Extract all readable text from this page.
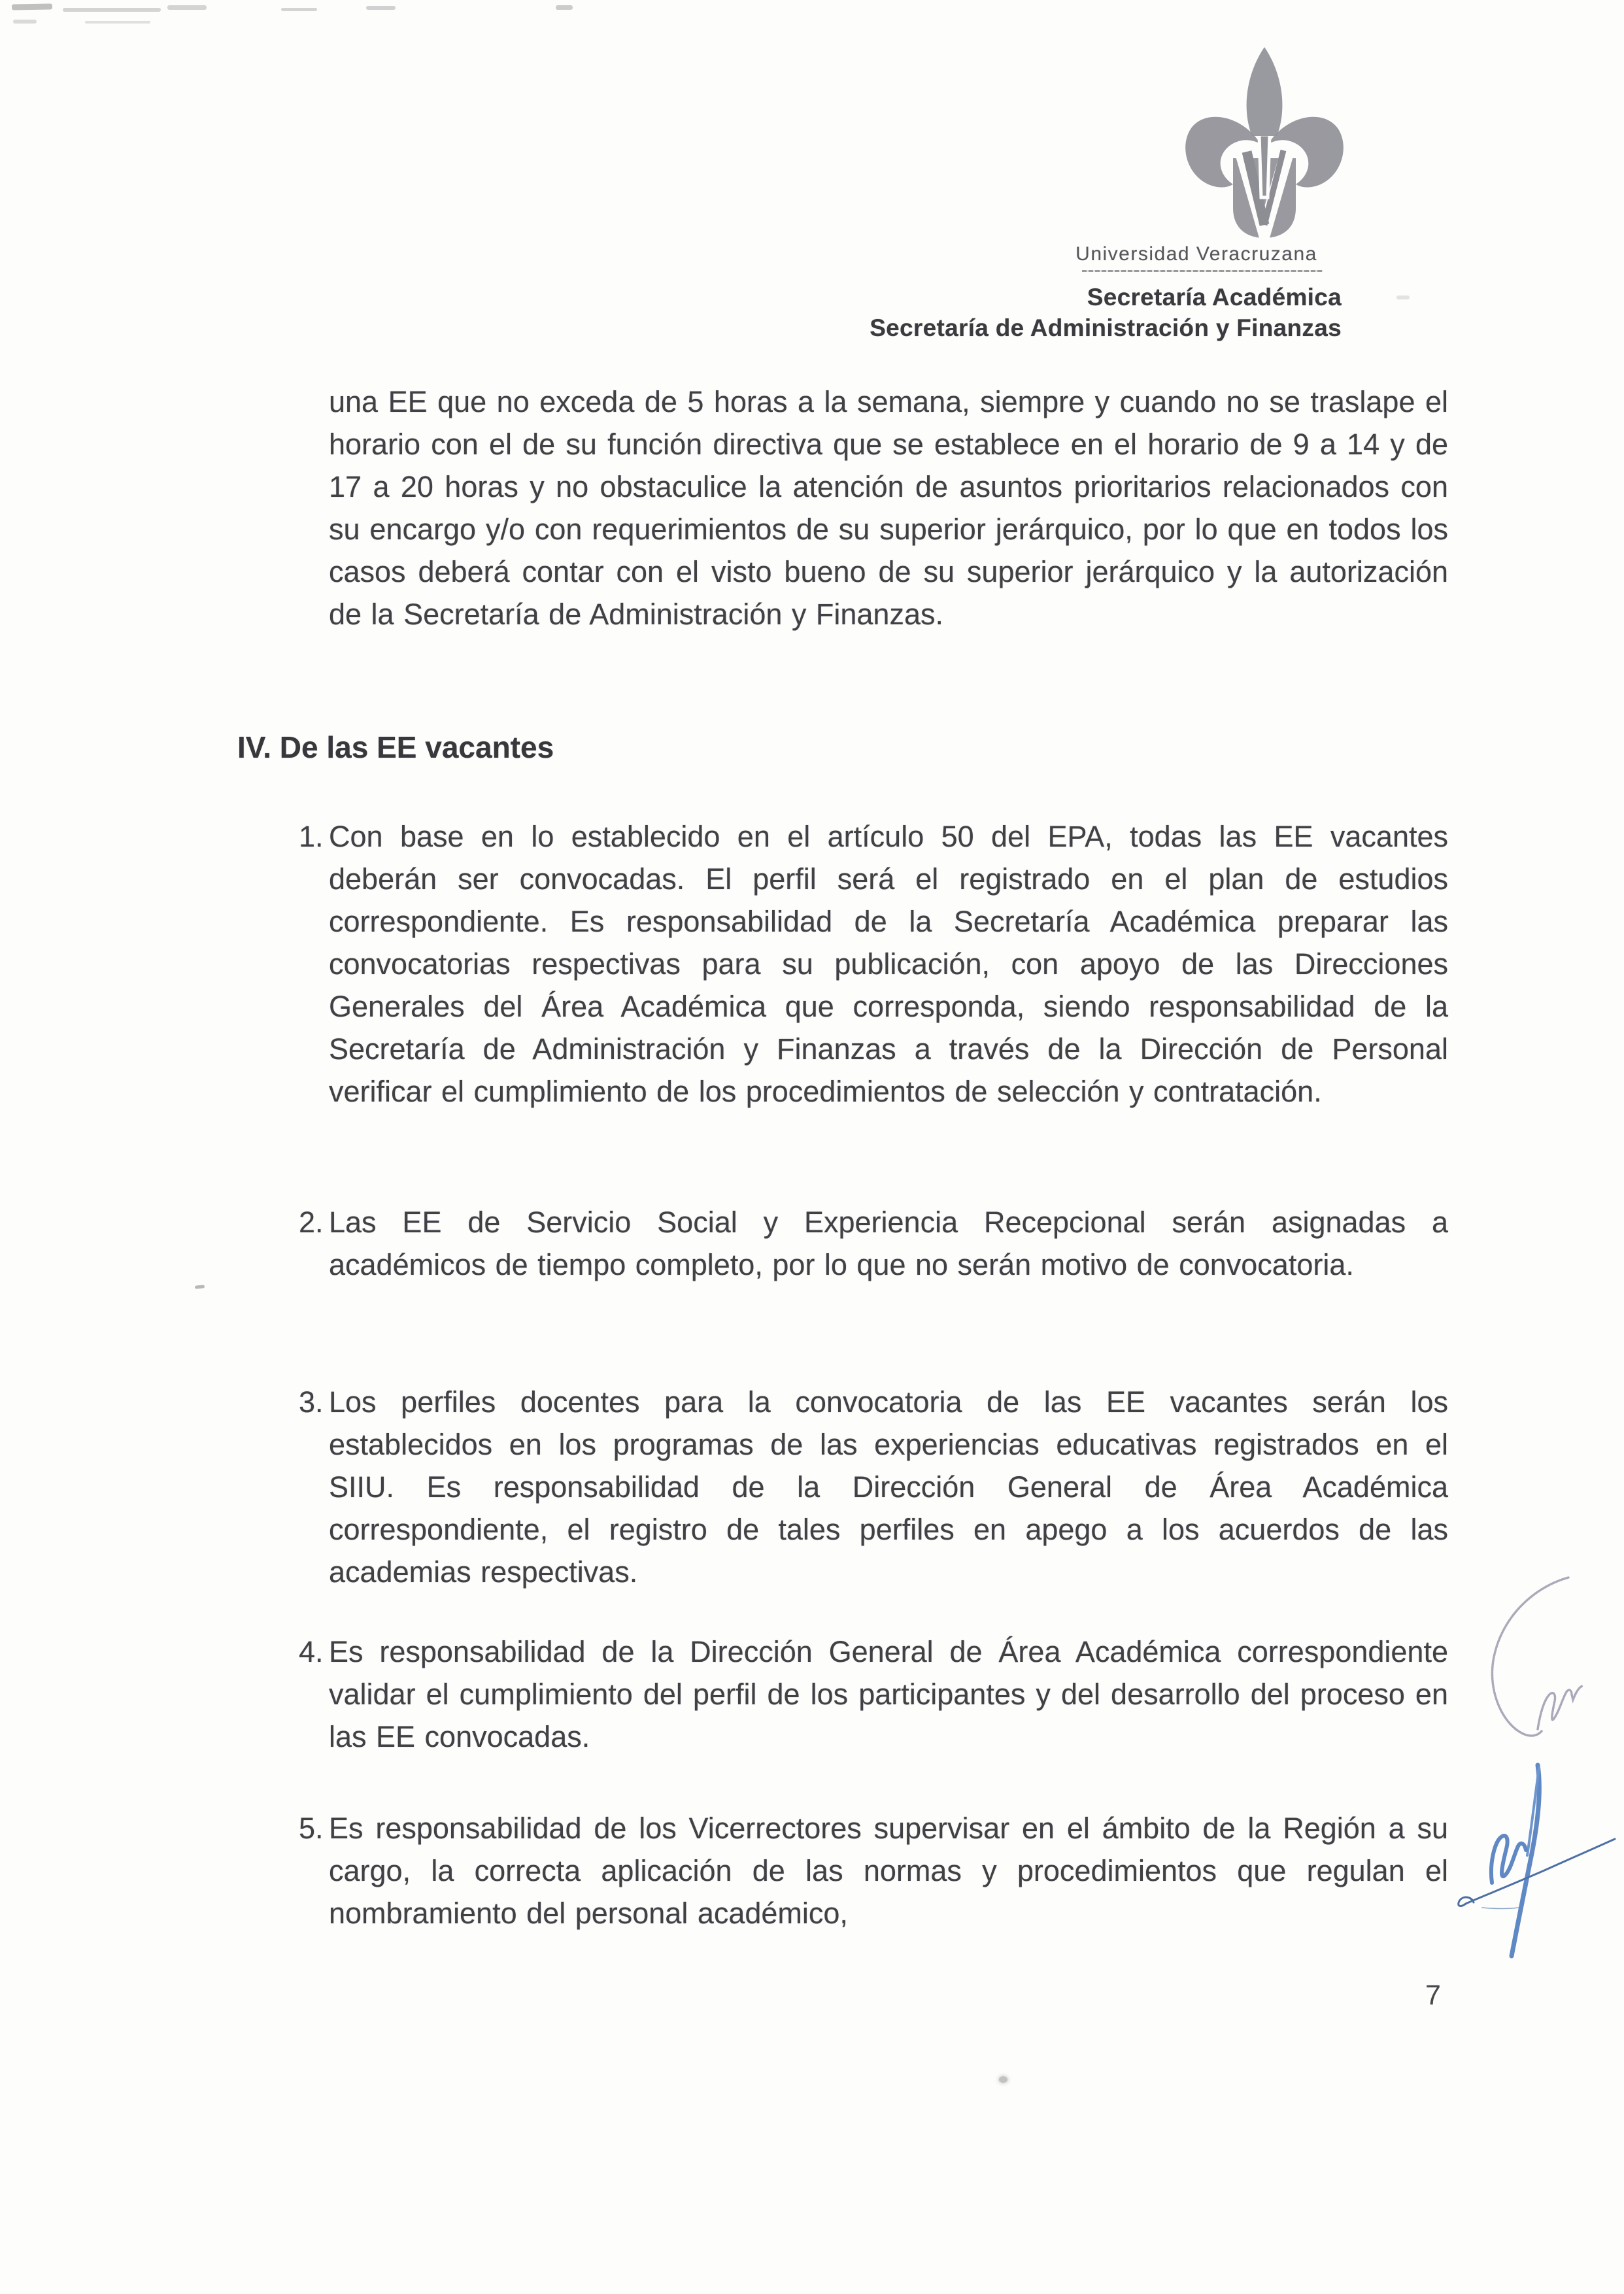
Universidad Veracruzana
Secretaría Académica
Secretaría de Administración y Finanzas
una EE que no exceda de 5 horas a la semana, siempre y cuando no se traslape el horario con el de su función directiva que se establece en el horario de 9 a 14 y de 17 a 20 horas y no obstaculice la atención de asuntos prioritarios relacionados con su encargo y/o con requerimientos de su superior jerárquico, por lo que en todos los casos deberá contar con el visto bueno de su superior jerárquico y la autorización de la Secretaría de Administración y Finanzas.
IV. De las EE vacantes
1. Con base en lo establecido en el artículo 50 del EPA, todas las EE vacantes deberán ser convocadas. El perfil será el registrado en el plan de estudios correspondiente. Es responsabilidad de la Secretaría Académica preparar las convocatorias respectivas para su publicación, con apoyo de las Direcciones Generales del Área Académica que corresponda, siendo responsabilidad de la Secretaría de Administración y Finanzas a través de la Dirección de Personal verificar el cumplimiento de los procedimientos de selección y contratación.
2. Las EE de Servicio Social y Experiencia Recepcional serán asignadas a académicos de tiempo completo, por lo que no serán motivo de convocatoria.
3. Los perfiles docentes para la convocatoria de las EE vacantes serán los establecidos en los programas de las experiencias educativas registrados en el SIIU. Es responsabilidad de la Dirección General de Área Académica correspondiente, el registro de tales perfiles en apego a los acuerdos de las academias respectivas.
4. Es responsabilidad de la Dirección General de Área Académica correspondiente validar el cumplimiento del perfil de los participantes y del desarrollo del proceso en las EE convocadas.
5. Es responsabilidad de los Vicerrectores supervisar en el ámbito de la Región a su cargo, la correcta aplicación de las normas y procedimientos que regulan el nombramiento del personal académico,
7
